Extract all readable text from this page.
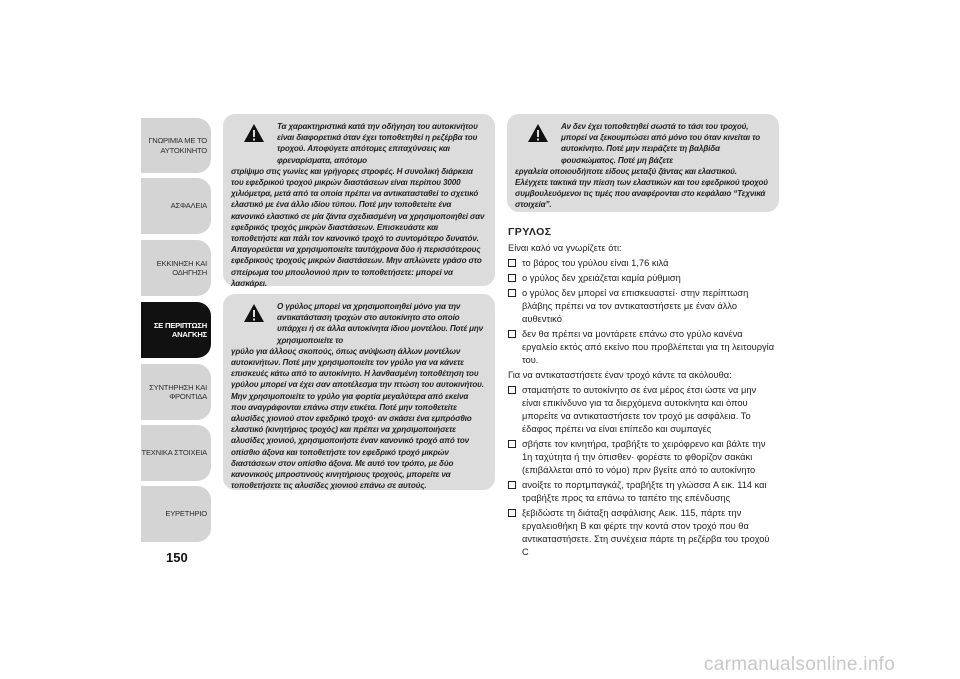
ΓΝΩΡΙΜΙΑ ΜΕ ΤΟ
ΑΥΤΟΚΙΝΗΤΟ
ΑΣΦΑΛΕΙΑ
ΕΚΚΙΝΗΣΗ ΚΑΙ
ΟΔΗΓΗΣΗ
ΣΕ ΠΕΡΙΠΤΩΣΗ
ΑΝΑΓΚΗΣ
ΣΥΝΤΗΡΗΣΗ ΚΑΙ
ΦΡΟΝΤΙΔΑ
ΤΕΧΝΙΚΑ ΣΤΟΙΧΕΙΑ
ΕΥΡΕΤΗΡΙΟ
150
Τα χαρακτηριστικά κατά την οδήγηση του αυτοκινήτου είναι διαφορετικά όταν έχει τοποθετηθεί η ρεζέρβα του τροχού. Αποφύγετε απότομες επιταχύνσεις και φρεναρίσματα, απότομο
στρίψιμο στις γωνίες και γρήγορες στροφές. Η συνολική διάρκεια του εφεδρικού τροχού μικρών διαστάσεων είναι περίπου 3000 χιλιόμετρα, μετά από τα οποία πρέπει να αντικατασταθεί το σχετικό ελαστικό με ένα άλλο ιδίου τύπου. Ποτέ μην τοποθετείτε ένα κανονικό ελαστικό σε μία ζάντα σχεδιασμένη να χρησιμοποιηθεί σαν εφεδρικός τροχός μικρών διαστάσεων. Επισκευάστε και τοποθετήστε και πάλι τον κανονικό τροχό το συντομότερο δυνατόν. Απαγορεύεται να χρησιμοποιείτε ταυτόχρονα δύο ή περισσότερους εφεδρικούς τροχούς μικρών διαστάσεων. Μην απλώνετε γράσο στο σπείρωμα του μπουλονιού πριν το τοποθετήσετε: μπορεί να λασκάρει.
Ο γρύλος μπορεί να χρησιμοποιηθεί μόνο για την αντικατάσταση τροχών στο αυτοκίνητο στο οποίο υπάρχει ή σε άλλα αυτοκίνητα ίδιου μοντέλου. Ποτέ μην χρησιμοποιείτε το
γρύλο για άλλους σκοπούς, όπως ανύψωση άλλων μοντέλων αυτοκινήτων. Ποτέ μην χρησιμοποιείτε τον γρύλο για να κάνετε επισκευές κάτω από το αυτοκίνητο. Η λανθασμένη τοποθέτηση του γρύλου μπορεί να έχει σαν αποτέλεσμα την πτώση του αυτοκινήτου. Μην χρησιμοποιείτε το γρύλο για φορτία μεγαλύτερα από εκείνα που αναγράφονται επάνω στην ετικέτα. Ποτέ μην τοποθετείτε αλυσίδες χιονιού στον εφεδρικό τροχό· αν σκάσει ένα εμπρόσθιο ελαστικό (κινητήριος τροχός) και πρέπει να χρησιμοποιήσετε αλυσίδες χιονιού, χρησιμοποιήστε έναν κανονικό τροχό από τον οπίσθιο άξονα και τοποθετήστε τον εφεδρικό τροχό μικρών διαστάσεων στον οπίσθιο άξονα. Με αυτό τον τρόπο, με δύο κανονικούς μπροστινούς κινητήριους τροχούς, μπορείτε να τοποθετήσετε τις αλυσίδες χιονιού επάνω σε αυτούς.
Αν δεν έχει τοποθετηθεί σωστά το τάσι του τροχού, μπορεί να ξεκουμπώσει από μόνο του όταν κινείται το αυτοκίνητο. Ποτέ μην πειράζετε τη βαλβίδα φουσκώματος. Ποτέ μη βάζετε
εργαλεία οποιουδήποτε είδους μεταξύ ζάντας και ελαστικού. Ελέγχετε τακτικά την πίεση των ελαστικών και του εφεδρικού τροχού συμβουλευόμενοι τις τιμές που αναφέρονται στο κεφάλαιο “Τεχνικά στοιχεία”.
ΓΡΥΛΟΣ
Είναι καλό να γνωρίζετε ότι:
το βάρος του γρύλου είναι 1,76 κιλά
ο γρύλος δεν χρειάζεται καμία ρύθμιση
ο γρύλος δεν μπορεί να επισκευαστεί· στην περίπτωση βλάβης πρέπει να τον αντικαταστήσετε με έναν άλλο αυθεντικό
δεν θα πρέπει να μοντάρετε επάνω στο γρύλο κανένα εργαλείο εκτός από εκείνο που προβλέπεται για τη λειτουργία του.
Για να αντικαταστήσετε έναν τροχό κάντε τα ακόλουθα:
σταματήστε το αυτοκίνητο σε ένα μέρος έτσι ώστε να μην είναι επικίνδυνο για τα διερχόμενα αυτοκίνητα και όπου μπορείτε να αντικαταστήσετε τον τροχό με ασφάλεια. Το έδαφος πρέπει να είναι επίπεδο και συμπαγές
σβήστε τον κινητήρα, τραβήξτε το χειρόφρενο και βάλτε την 1η ταχύτητα ή την όπισθεν· φορέστε το φθορίζον σακάκι (επιβάλλεται από το νόμο) πριν βγείτε από το αυτοκίνητο
ανοίξτε το πορτμπαγκάζ, τραβήξτε τη γλώσσα A εικ. 114 και τραβήξτε προς τα επάνω το ταπέτο της επένδυσης
ξεβιδώστε τη διάταξη ασφάλισης Aεικ. 115, πάρτε την εργαλειοθήκη B και φέρτε την κοντά στον τροχό που θα αντικαταστήσετε. Στη συνέχεια πάρτε τη ρεζέρβα του τροχού C
carmanualsonline.info
